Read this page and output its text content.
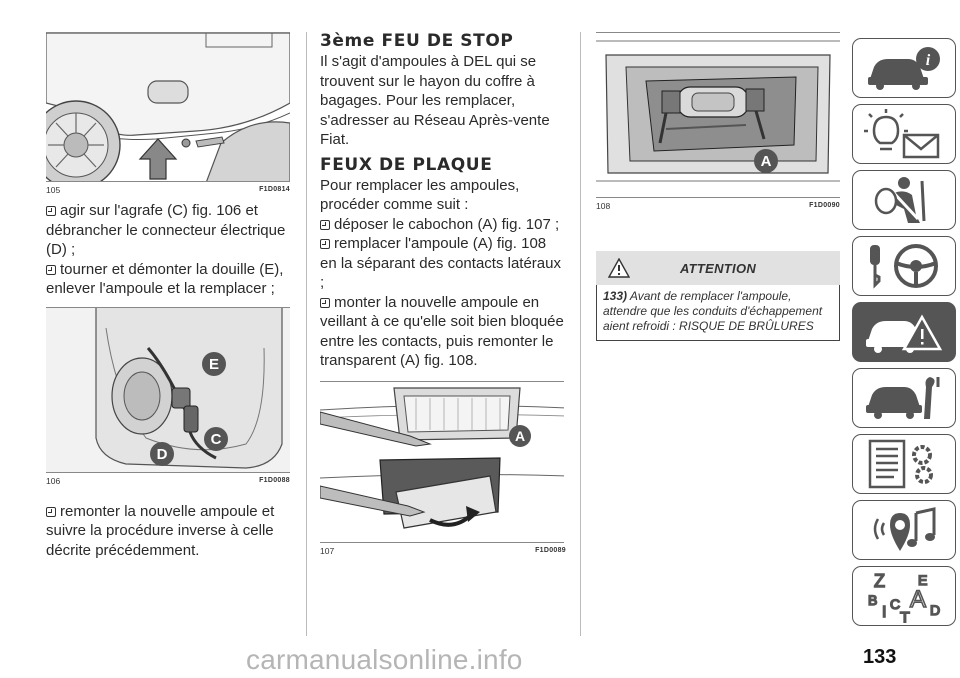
105	F1D0814

agir sur l'agrafe (C) fig. 106 et débrancher le connecteur électrique (D) ;

tourner et démonter la douille (E), enlever l'ampoule et la remplacer ;

E
C
D
106	F1D0088

remonter la nouvelle ampoule et suivre la procédure inverse à celle décrite précédemment.

3ème FEU DE STOP

Il s'agit d'ampoules à DEL qui se trouvent sur le hayon du coffre à bagages. Pour les remplacer, s'adresser au Réseau Après-vente Fiat.

FEUX DE PLAQUE

Pour remplacer les ampoules, procéder comme suit :

déposer le cabochon (A) fig. 107 ;

remplacer l'ampoule (A) fig. 108 en la séparant des contacts latéraux ;

monter la nouvelle ampoule en veillant à ce qu'elle soit bien bloquée entre les contacts, puis remonter le transparent (A) fig. 108.

A
107	F1D0089
A
108	F1D0090
ATTENTION
133) Avant de remplacer l'ampoule, attendre que les conduits d'échappement aient refroidi : RISQUE DE BRÛLURES
i
Z E
B A
I C
T D
carmanualsonline.info	133
